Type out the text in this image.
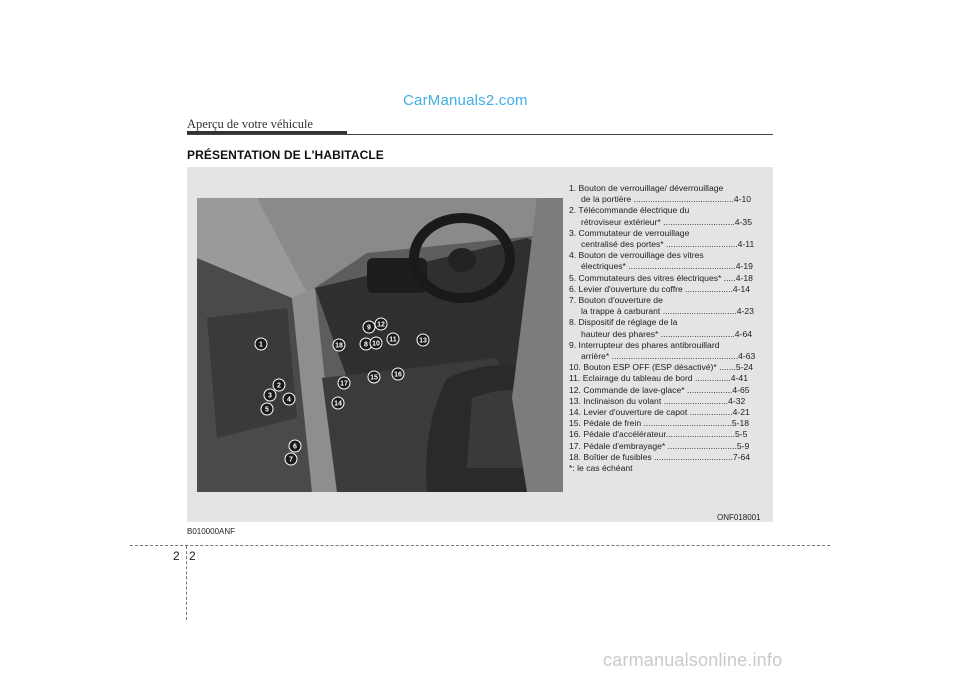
CarManuals2.com
Aperçu de votre véhicule
PRÉSENTATION DE L'HABITACLE
1
2
3
4
5
6
7
8
9
10
11
12
13
14
15 16
17
18
1. Bouton de verrouillage/ déverrouillage
de la portière ..........................................4-10
2. Télécommande électrique du
rétroviseur extérieur* ..............................4-35
3. Commutateur de verrouillage
centralisé des portes* ..............................4-11
4. Bouton de verrouillage des vitres
électriques* .............................................4-19
5. Commutateurs des vitres électriques* .....4-18
6. Levier d'ouverture du coffre ....................4-14
7. Bouton d'ouverture de
la trappe à carburant ...............................4-23
8. Dispositif de réglage de la
hauteur des phares* ...............................4-64
9. Interrupteur des phares antibrouillard
arrière* .....................................................4-63
10. Bouton ESP OFF (ESP désactivé)* .......5-24
11. Eclairage du tableau de bord ...............4-41
12. Commande de lave-glace* ...................4-65
13. Inclinaison du volant ...........................4-32
14. Levier d'ouverture de capot ..................4-21
15. Pédale de frein .....................................5-18
16. Pédale d'accélérateur.............................5-5
17. Pédale d'embrayage* .............................5-9
18. Boîtier de fusibles .................................7-64
*: le cas échéant
ONF018001
B010000ANF
2 2
carmanualsonline.info
